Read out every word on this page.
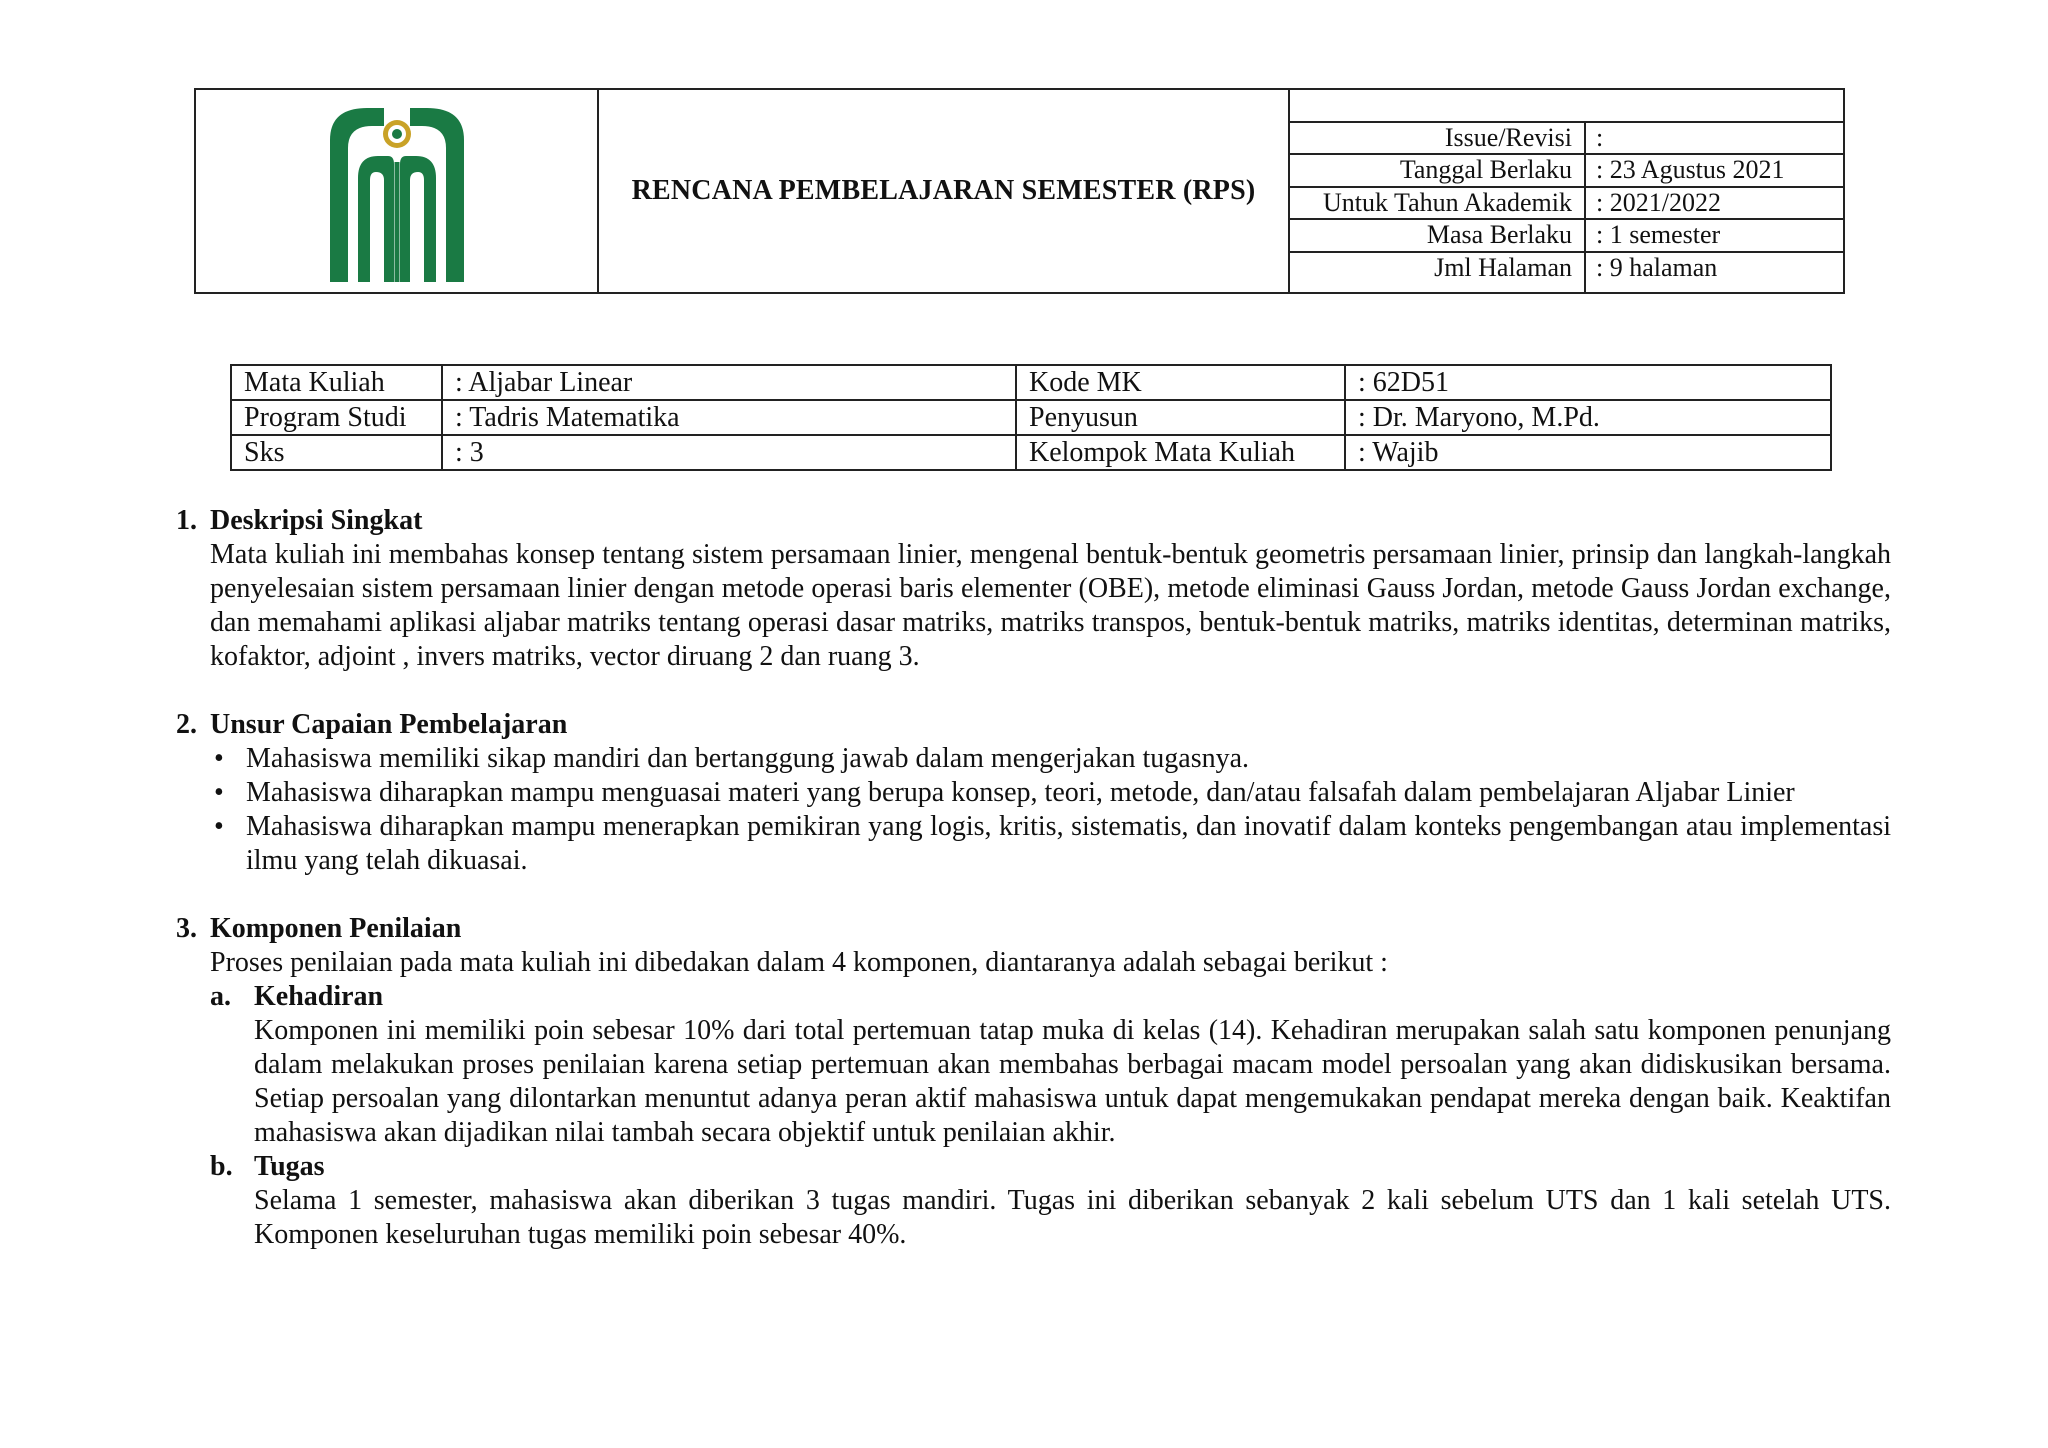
RENCANA PEMBELAJARAN SEMESTER (RPS)
Issue/Revisi :
Tanggal Berlaku : 23 Agustus 2021
Untuk Tahun Akademik : 2021/2022
Masa Berlaku : 1 semester
Jml Halaman : 9 halaman
Mata Kuliah	: Aljabar Linear	Kode MK	: 62D51
Program Studi	: Tadris Matematika	Penyusun	: Dr. Maryono, M.Pd.
Sks	: 3	Kelompok Mata Kuliah	: Wajib
1. Deskripsi Singkat
Mata kuliah ini membahas konsep tentang sistem persamaan linier, mengenal bentuk-bentuk geometris persamaan linier, prinsip dan langkah-langkah penyelesaian sistem persamaan linier dengan metode operasi baris elementer (OBE), metode eliminasi Gauss Jordan, metode Gauss Jordan exchange, dan memahami aplikasi aljabar matriks tentang operasi dasar matriks, matriks transpos, bentuk-bentuk matriks, matriks identitas, determinan matriks, kofaktor, adjoint , invers matriks, vector diruang 2 dan ruang 3.
2. Unsur Capaian Pembelajaran
• Mahasiswa memiliki sikap mandiri dan bertanggung jawab dalam mengerjakan tugasnya.
• Mahasiswa diharapkan mampu menguasai materi yang berupa konsep, teori, metode, dan/atau falsafah dalam pembelajaran Aljabar Linier
• Mahasiswa diharapkan mampu menerapkan pemikiran yang logis, kritis, sistematis, dan inovatif dalam konteks pengembangan atau implementasi ilmu yang telah dikuasai.
3. Komponen Penilaian
Proses penilaian pada mata kuliah ini dibedakan dalam 4 komponen, diantaranya adalah sebagai berikut :
a. Kehadiran
Komponen ini memiliki poin sebesar 10% dari total pertemuan tatap muka di kelas (14). Kehadiran merupakan salah satu komponen penunjang dalam melakukan proses penilaian karena setiap pertemuan akan membahas berbagai macam model persoalan yang akan didiskusikan bersama. Setiap persoalan yang dilontarkan menuntut adanya peran aktif mahasiswa untuk dapat mengemukakan pendapat mereka dengan baik. Keaktifan mahasiswa akan dijadikan nilai tambah secara objektif untuk penilaian akhir.
b. Tugas
Selama 1 semester, mahasiswa akan diberikan 3 tugas mandiri. Tugas ini diberikan sebanyak 2 kali sebelum UTS dan 1 kali setelah UTS. Komponen keseluruhan tugas memiliki poin sebesar 40%.
